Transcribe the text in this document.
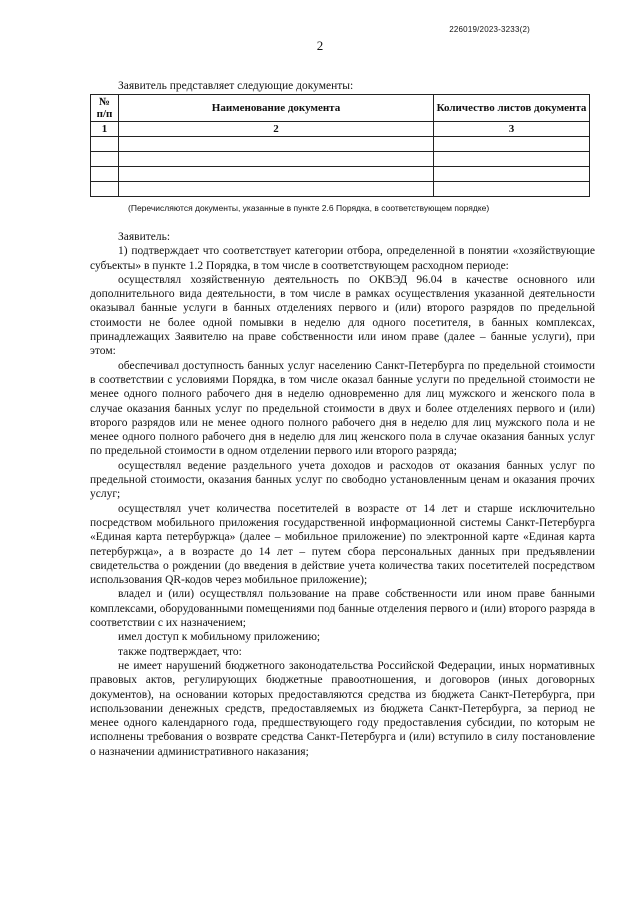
226019/2023-3233(2)
2
Заявитель представляет следующие документы:
№ п/п	Наименование документа	Количество листов документа
1	2	3

(Перечисляются документы, указанные в пункте 2.6 Порядка, в соответствующем порядке)

Заявитель:

1) подтверждает что соответствует категории отбора, определенной в понятии «хозяйствующие субъекты» в пункте 1.2 Порядка, в том числе в соответствующем расходном периоде:

осуществлял хозяйственную деятельность по ОКВЭД 96.04 в качестве основного или дополнительного вида деятельности, в том числе в рамках осуществления указанной деятельности оказывал банные услуги в банных отделениях первого и (или) второго разрядов по предельной стоимости не более одной помывки в неделю для одного посетителя, в банных комплексах, принадлежащих Заявителю на праве собственности или ином праве (далее – банные услуги), при этом:

обеспечивал доступность банных услуг населению Санкт-Петербурга по предельной стоимости в соответствии с условиями Порядка, в том числе оказал банные услуги по предельной стоимости не менее одного полного рабочего дня в неделю одновременно для лиц мужского и женского пола в случае оказания банных услуг по предельной стоимости в двух и более отделениях первого и (или) второго разрядов или не менее одного полного рабочего дня в неделю для лиц мужского пола и не менее одного полного рабочего дня в неделю для лиц женского пола в случае оказания банных услуг по предельной стоимости в одном отделении первого или второго разряда;

осуществлял ведение раздельного учета доходов и расходов от оказания банных услуг по предельной стоимости, оказания банных услуг по свободно установленным ценам и оказания прочих услуг;

осуществлял учет количества посетителей в возрасте от 14 лет и старше исключительно посредством мобильного приложения государственной информационной системы Санкт-Петербурга «Единая карта петербуржца» (далее – мобильное приложение) по электронной карте «Единая карта петербуржца», а в возрасте до 14 лет – путем сбора персональных данных при предъявлении свидетельства о рождении (до введения в действие учета количества таких посетителей посредством использования QR-кодов через мобильное приложение);

владел и (или) осуществлял пользование на праве собственности или ином праве банными комплексами, оборудованными помещениями под банные отделения первого и (или) второго разряда в соответствии с их назначением;

имел доступ к мобильному приложению;

также подтверждает, что:

не имеет нарушений бюджетного законодательства Российской Федерации, иных нормативных правовых актов, регулирующих бюджетные правоотношения, и договоров (иных договорных документов), на основании которых предоставляются средства из бюджета Санкт-Петербурга, при использовании денежных средств, предоставляемых из бюджета Санкт-Петербурга, за период не менее одного календарного года, предшествующего году предоставления субсидии, по которым не исполнены требования о возврате средства Санкт-Петербурга и (или) вступило в силу постановление о назначении административного наказания;
